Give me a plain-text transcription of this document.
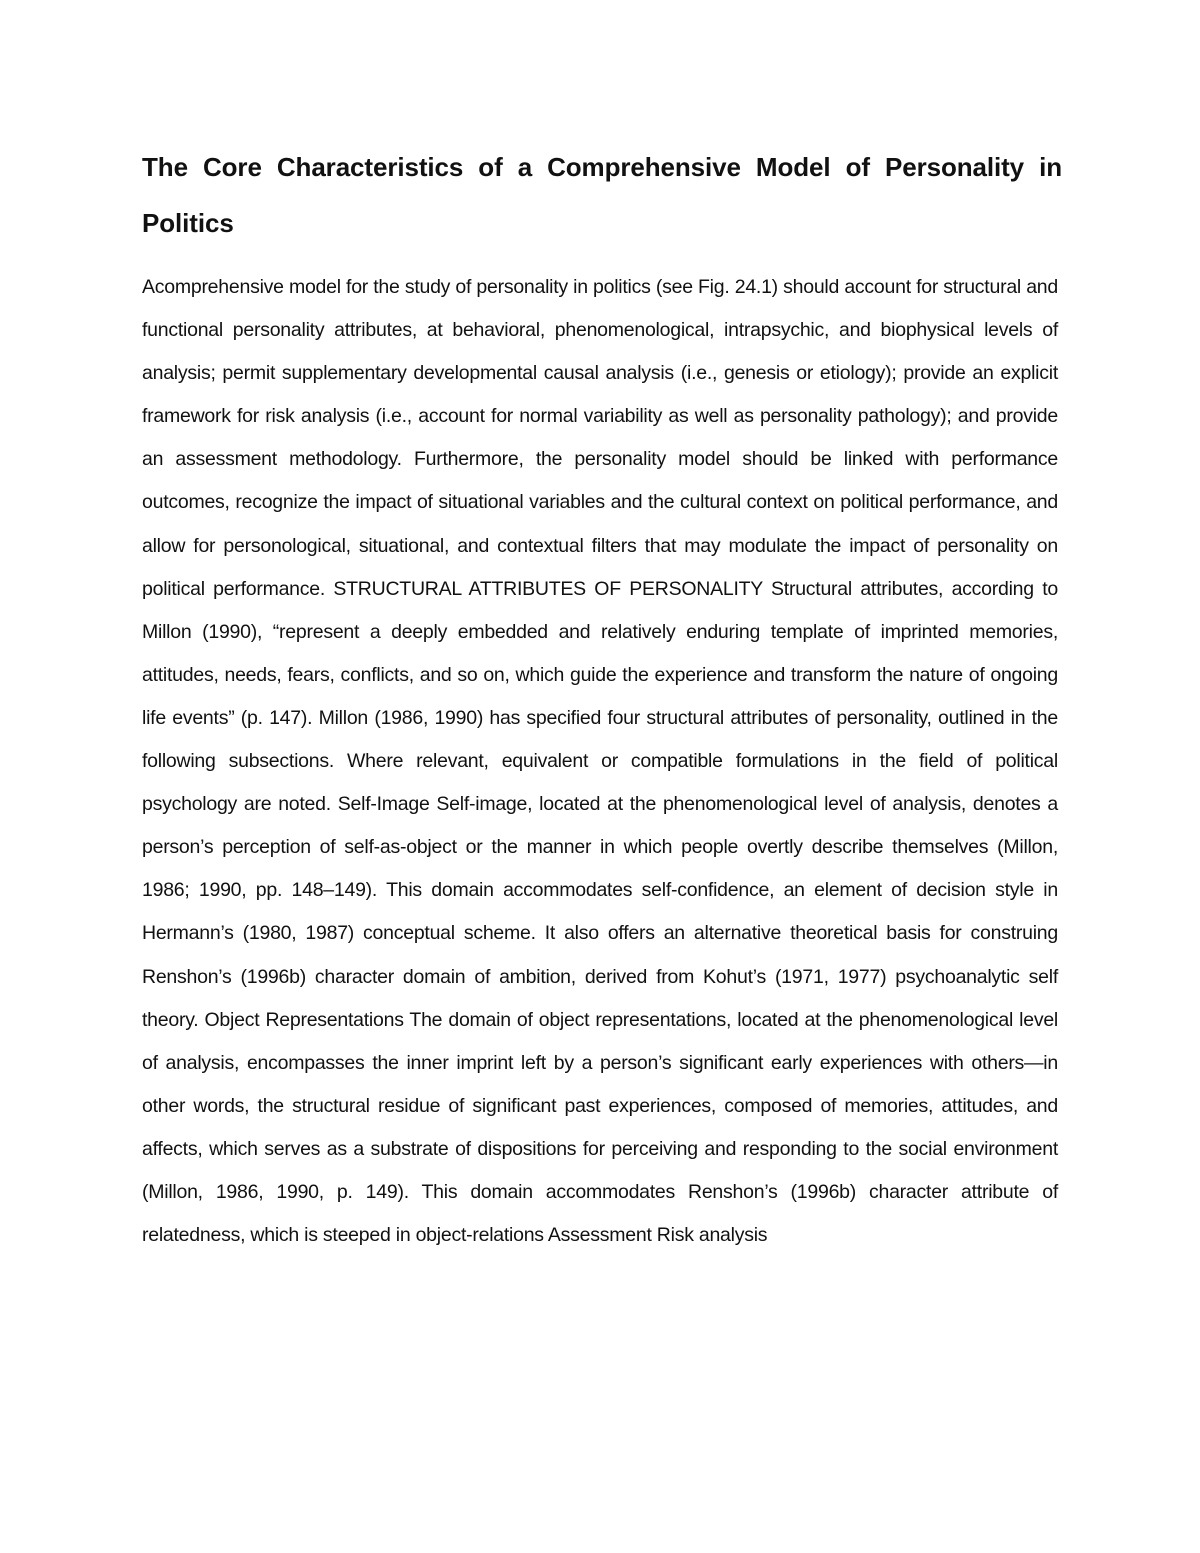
The Core Characteristics of a Comprehensive Model of Personality in Politics

Acomprehensive model for the study of personality in politics (see Fig. 24.1) should account for structural and functional personality attributes, at behavioral, phenomenological, intrapsychic, and biophysical levels of analysis; permit supplementary developmental causal analysis (i.e., genesis or etiology); provide an explicit framework for risk analysis (i.e., account for normal variability as well as personality pathology); and provide an assessment methodology. Furthermore, the personality model should be linked with performance outcomes, recognize the impact of situational variables and the cultural context on political performance, and allow for personological, situational, and contextual filters that may modulate the impact of personality on political performance. STRUCTURAL ATTRIBUTES OF PERSONALITY Structural attributes, according to Millon (1990), “represent a deeply embedded and relatively enduring template of imprinted memories, attitudes, needs, fears, conflicts, and so on, which guide the experience and transform the nature of ongoing life events” (p. 147). Millon (1986, 1990) has specified four structural attributes of personality, outlined in the following subsections. Where relevant, equivalent or compatible formulations in the field of political psychology are noted. Self-Image Self-image, located at the phenomenological level of analysis, denotes a person’s perception of self-as-object or the manner in which people overtly describe themselves (Millon, 1986; 1990, pp. 148–149). This domain accommodates self-confidence, an element of decision style in Hermann’s (1980, 1987) conceptual scheme. It also offers an alternative theoretical basis for construing Renshon’s (1996b) character domain of ambition, derived from Kohut’s (1971, 1977) psychoanalytic self theory. Object Representations The domain of object representations, located at the phenomenological level of analysis, encompasses the inner imprint left by a person’s significant early experiences with others—in other words, the structural residue of significant past experiences, composed of memories, attitudes, and affects, which serves as a substrate of dispositions for perceiving and responding to the social environment (Millon, 1986, 1990, p. 149). This domain accommodates Renshon’s (1996b) character attribute of relatedness, which is steeped in object-relations Assessment Risk analysis
